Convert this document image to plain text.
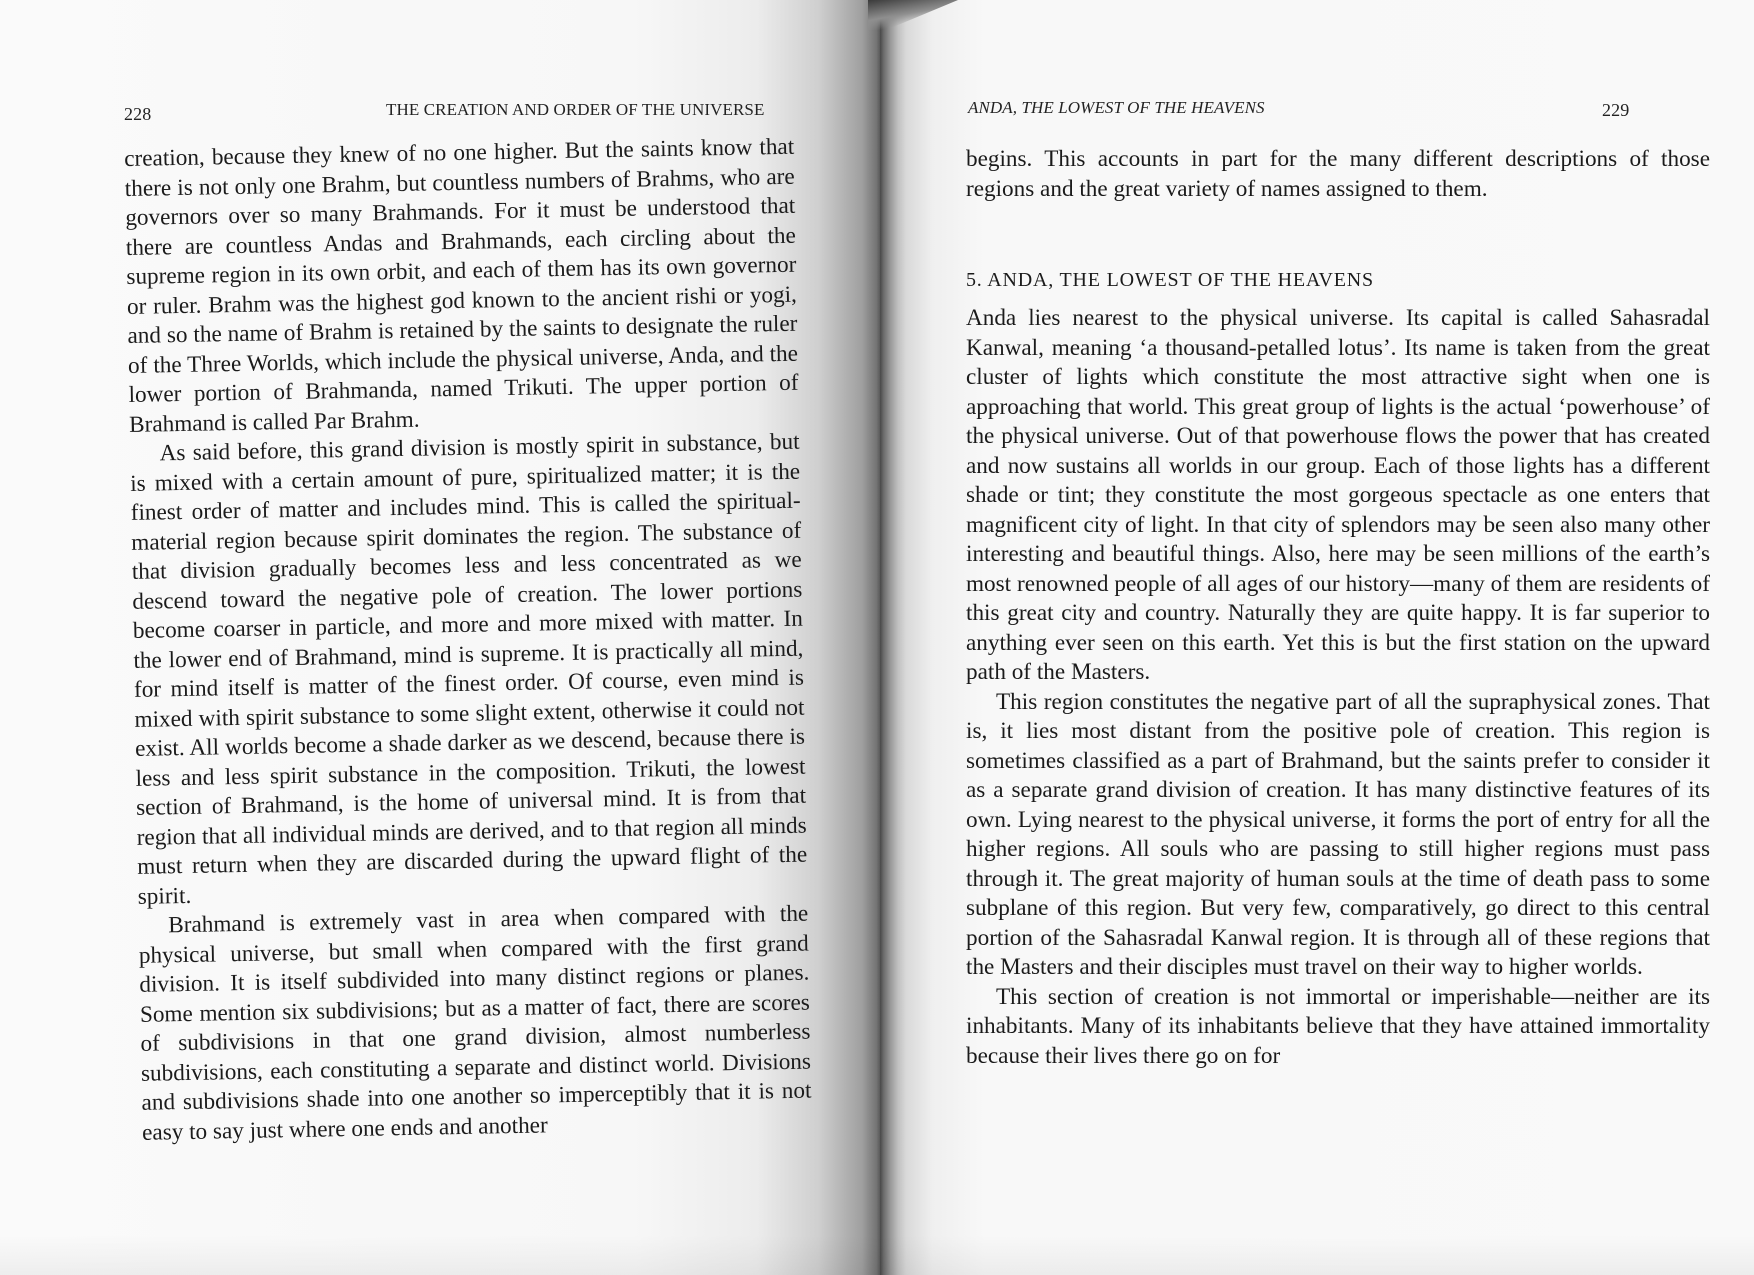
228	THE CREATION AND ORDER OF THE UNIVERSE

creation, because they knew of no one higher. But the saints know that there is not only one Brahm, but countless numbers of Brahms, who are governors over so many Brahmands. For it must be understood that there are countless Andas and Brahmands, each circling about the supreme region in its own orbit, and each of them has its own governor or ruler. Brahm was the highest god known to the ancient rishi or yogi, and so the name of Brahm is retained by the saints to designate the ruler of the Three Worlds, which include the physical universe, Anda, and the lower portion of Brahmanda, named Trikuti. The upper portion of Brahmand is called Par Brahm.

As said before, this grand division is mostly spirit in substance, but is mixed with a certain amount of pure, spiritualized matter; it is the finest order of matter and includes mind. This is called the spiritual-material region because spirit dominates the region. The substance of that division gradually becomes less and less concentrated as we descend toward the negative pole of creation. The lower portions become coarser in particle, and more and more mixed with matter. In the lower end of Brahmand, mind is supreme. It is practically all mind, for mind itself is matter of the finest order. Of course, even mind is mixed with spirit substance to some slight extent, otherwise it could not exist. All worlds become a shade darker as we descend, because there is less and less spirit substance in the composition. Trikuti, the lowest section of Brahmand, is the home of universal mind. It is from that region that all individual minds are derived, and to that region all minds must return when they are discarded during the upward flight of the spirit.

Brahmand is extremely vast in area when compared with the physical universe, but small when compared with the first grand division. It is itself subdivided into many distinct regions or planes. Some mention six subdivisions; but as a matter of fact, there are scores of subdivisions in that one grand division, almost numberless subdivisions, each constituting a separate and distinct world. Divisions and subdivisions shade into one another so imperceptibly that it is not easy to say just where one ends and another

ANDA, THE LOWEST OF THE HEAVENS	229

begins. This accounts in part for the many different descriptions of those regions and the great variety of names assigned to them.

5. ANDA, THE LOWEST OF THE HEAVENS

Anda lies nearest to the physical universe. Its capital is called Sahasradal Kanwal, meaning ‘a thousand-petalled lotus’. Its name is taken from the great cluster of lights which constitute the most attractive sight when one is approaching that world. This great group of lights is the actual ‘powerhouse’ of the physical universe. Out of that powerhouse flows the power that has created and now sustains all worlds in our group. Each of those lights has a different shade or tint; they constitute the most gorgeous spectacle as one enters that magnificent city of light. In that city of splendors may be seen also many other interesting and beautiful things. Also, here may be seen millions of the earth’s most renowned people of all ages of our history—many of them are residents of this great city and country. Naturally they are quite happy. It is far superior to anything ever seen on this earth. Yet this is but the first station on the upward path of the Masters.

This region constitutes the negative part of all the supraphysical zones. That is, it lies most distant from the positive pole of creation. This region is sometimes classified as a part of Brahmand, but the saints prefer to consider it as a separate grand division of creation. It has many distinctive features of its own. Lying nearest to the physical universe, it forms the port of entry for all the higher regions. All souls who are passing to still higher regions must pass through it. The great majority of human souls at the time of death pass to some subplane of this region. But very few, comparatively, go direct to this central portion of the Sahasradal Kanwal region. It is through all of these regions that the Masters and their disciples must travel on their way to higher worlds.

This section of creation is not immortal or imperishable—neither are its inhabitants. Many of its inhabitants believe that they have attained immortality because their lives there go on for
